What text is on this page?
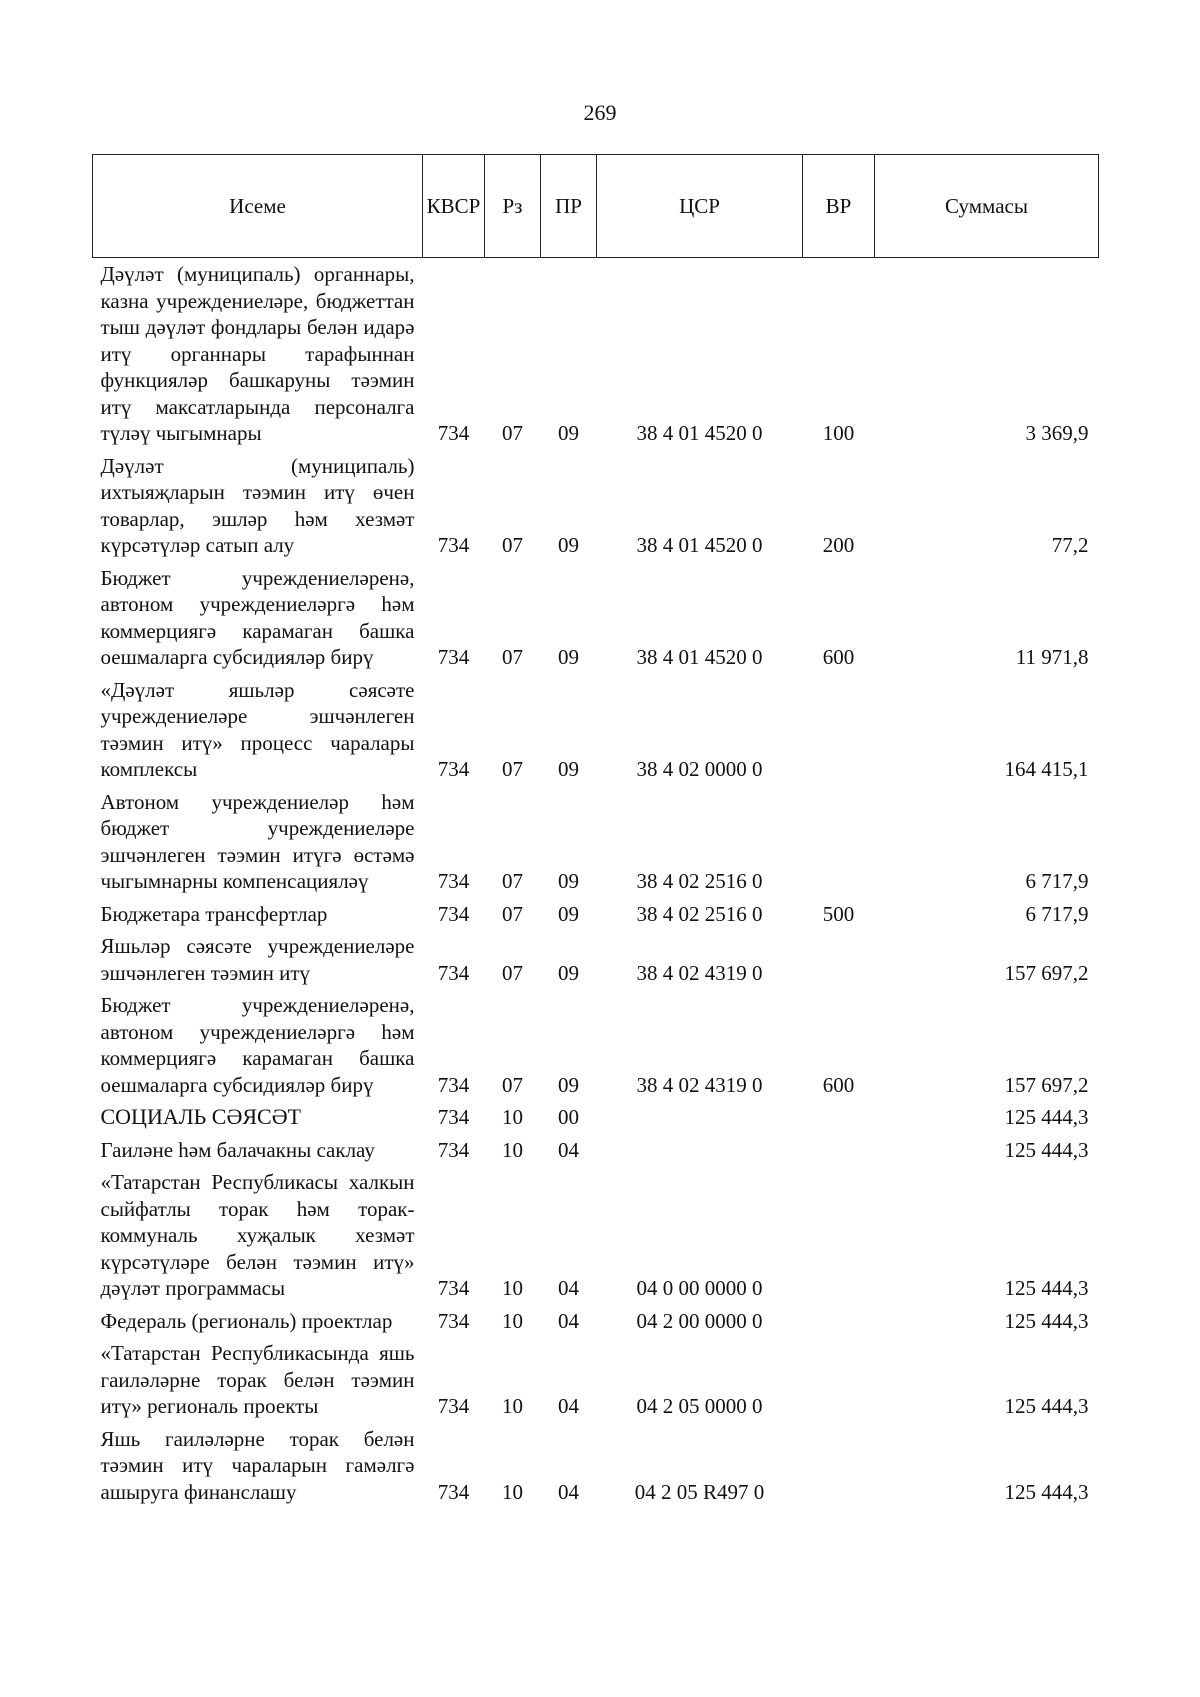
269
Исеме	КВСР	Рз	ПР	ЦСР	ВР	Суммасы
Дәүләт (муниципаль) органнары, казна учреждениеләре, бюджеттан тыш дәүләт фондлары белән идарә итү органнары тарафыннан функцияләр башкаруны тәэмин итү максатларында персоналга түләү чыгымнары	734	07	09	38 4 01 4520 0	100	3 369,9
Дәүләт (муниципаль) ихтыяҗларын тәэмин итү өчен товарлар, эшләр һәм хезмәт күрсәтүләр сатып алу	734	07	09	38 4 01 4520 0	200	77,2
Бюджет учреждениеләренә, автоном учреждениеләргә һәм коммерциягә карамаган башка оешмаларга субсидияләр бирү	734	07	09	38 4 01 4520 0	600	11 971,8
«Дәүләт яшьләр сәясәте учреждениеләре эшчәнлеген тәэмин итү» процесс чаралары комплексы	734	07	09	38 4 02 0000 0		164 415,1
Автоном учреждениеләр һәм бюджет учреждениеләре эшчәнлеген тәэмин итүгә өстәмә чыгымнарны компенсацияләү	734	07	09	38 4 02 2516 0		6 717,9
Бюджетара трансфертлар	734	07	09	38 4 02 2516 0	500	6 717,9
Яшьләр сәясәте учреждениеләре эшчәнлеген тәэмин итү	734	07	09	38 4 02 4319 0		157 697,2
Бюджет учреждениеләренә, автоном учреждениеләргә һәм коммерциягә карамаган башка оешмаларга субсидияләр бирү	734	07	09	38 4 02 4319 0	600	157 697,2
СОЦИАЛЬ СӘЯСӘТ	734	10	00			125 444,3
Гаиләне һәм балачакны саклау	734	10	04			125 444,3
«Татарстан Республикасы халкын сыйфатлы торак һәм торак-коммуналь хуҗалык хезмәт күрсәтүләре белән тәэмин итү» дәүләт программасы	734	10	04	04 0 00 0000 0		125 444,3
Федераль (региональ) проектлар	734	10	04	04 2 00 0000 0		125 444,3
«Татарстан Республикасында яшь гаиләләрне торак белән тәэмин итү» региональ проекты	734	10	04	04 2 05 0000 0		125 444,3
Яшь гаиләләрне торак белән тәэмин итү чараларын гамәлгә ашыруга финанслашу	734	10	04	04 2 05 R497 0		125 444,3
